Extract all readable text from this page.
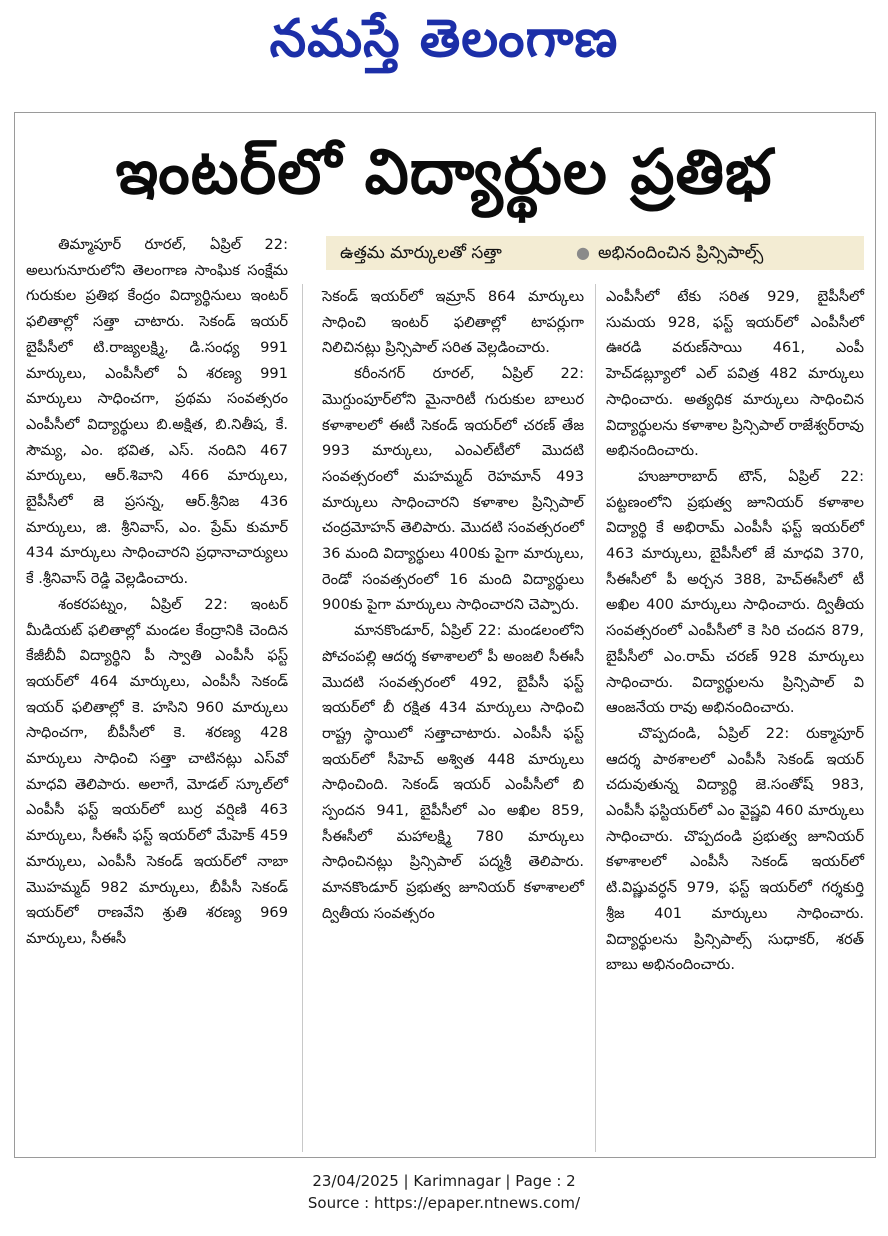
నమస్తే తెలంగాణ
ఇంటర్‌లో విద్యార్థుల ప్రతిభ
ఉత్తమ మార్కులతో సత్తా	● అభినందించిన ప్రిన్సిపాల్స్

తిమ్మాపూర్ రూరల్, ఏప్రిల్ 22: అలుగునూరులోని తెలంగాణ సాంఘిక సంక్షేమ గురుకుల ప్రతిభ కేంద్రం విద్యార్థినులు ఇంటర్ ఫలితాల్లో సత్తా చాటారు. సెకండ్ ఇయర్ బైపీసీలో టి.రాజ్యలక్ష్మి, డి.సంధ్య 991 మార్కులు, ఎంపీసీలో ఏ శరణ్య 991 మార్కులు సాధించగా, ప్రథమ సంవత్సరం ఎంపీసీలో విద్యార్థులు బి.అక్షిత, బి.నితీష, కే. సౌమ్య, ఎం. భవిత, ఎస్. నందిని 467 మార్కులు, ఆర్.శివాని 466 మార్కులు, బైపీసీలో జె ప్రసన్న, ఆర్.శ్రీనిజ 436 మార్కులు, జి. శ్రీనివాస్, ఎం. ప్రేమ్ కుమార్ 434 మార్కులు సాధించారని ప్రధానాచార్యులు కే .శ్రీనివాస్ రెడ్డి వెల్లడించారు.

శంకరపట్నం, ఏప్రిల్ 22: ఇంటర్ మీడియట్ ఫలితాల్లో మండల కేంద్రానికి చెందిన కేజీబీవీ విద్యార్థిని పీ స్వాతి ఎంపీసీ ఫస్ట్ ఇయర్‌లో 464 మార్కులు, ఎంపీసీ సెకండ్ ఇయర్ ఫలితాల్లో కె. హసిని 960 మార్కులు సాధించగా, బీపీసీలో కె. శరణ్య 428 మార్కులు సాధించి సత్తా చాటినట్లు ఎస్‌వో మాధవి తెలిపారు. అలాగే, మోడల్ స్కూల్‌లో ఎంపీసీ ఫస్ట్ ఇయర్‌లో బుర్ర వర్షిణి 463 మార్కులు, సీఈసీ ఫస్ట్ ఇయర్‌లో మేహెక్ 459 మార్కులు, ఎంపీసీ సెకండ్ ఇయర్‌లో నాబా మొహమ్మద్ 982 మార్కులు, బీపీసీ సెకండ్ ఇయర్‌లో రాణవేని శ్రుతి శరణ్య 969 మార్కులు, సీఈసీ

సెకండ్ ఇయర్‌లో ఇమ్రాన్ 864 మార్కులు సాధించి ఇంటర్ ఫలితాల్లో టాపర్లుగా నిలిచినట్లు ప్రిన్సిపాల్ సరిత వెల్లడించారు.

కరీంనగర్ రూరల్, ఏప్రిల్ 22: మొగ్దుంపూర్‌లోని మైనారిటీ గురుకుల బాలుర కళాశాలలో ఈటీ సెకండ్ ఇయర్‌లో చరణ్ తేజ 993 మార్కులు, ఎంఎల్‌టీలో మొదటి సంవత్సరంలో మహమ్మద్ రెహమాన్ 493 మార్కులు సాధించారని కళాశాల ప్రిన్సిపాల్ చంద్రమోహన్ తెలిపారు. మొదటి సంవత్సరంలో 36 మంది విద్యార్థులు 400కు పైగా మార్కులు, రెండో సంవత్సరంలో 16 మంది విద్యార్థులు 900కు పైగా మార్కులు సాధించారని చెప్పారు.

మానకొండూర్, ఏప్రిల్ 22: మండలంలోని పోచంపల్లి ఆదర్శ కళాశాలలో పీ అంజలి సీఈసీ మొదటి సంవత్సరంలో 492, బైపీసీ ఫస్ట్ ఇయర్‌లో బీ రక్షిత 434 మార్కులు సాధించి రాష్ట్ర స్థాయిలో సత్తాచాటారు. ఎంపీసీ ఫస్ట్ ఇయర్‌లో సీహెచ్ అశ్విత 448 మార్కులు సాధించింది. సెకండ్ ఇయర్ ఎంపీసీలో బి స్పందన 941, బైపీసీలో ఎం అఖిల 859, సీఈసీలో మహాలక్ష్మి 780 మార్కులు సాధించినట్లు ప్రిన్సిపాల్ పద్మశ్రీ తెలిపారు. మానకొండూర్ ప్రభుత్వ జూనియర్ కళాశాలలో ద్వితీయ సంవత్సరం

ఎంపీసీలో టేకు సరిత 929, బైపీసీలో సుమయ 928, ఫస్ట్ ఇయర్‌లో ఎంపీసీలో ఊరడి వరుణ్‌సాయి 461, ఎంపీ హెచ్‌డబ్ల్యూలో ఎల్ పవిత్ర 482 మార్కులు సాధించారు. అత్యధిక మార్కులు సాధించిన విద్యార్థులను కళాశాల ప్రిన్సిపాల్ రాజేశ్వర్‌రావు అభినందించారు.

హుజూరాబాద్ టౌన్, ఏప్రిల్ 22: పట్టణంలోని ప్రభుత్వ జూనియర్ కళాశాల విద్యార్థి కే అభిరామ్ ఎంపీసీ ఫస్ట్ ఇయర్‌లో 463 మార్కులు, బైపీసీలో జే మాధవి 370, సీఈసీలో పీ అర్చన 388, హెచ్‌ఈసీలో టీ అఖిల 400 మార్కులు సాధించారు. ద్వితీయ సంవత్సరంలో ఎంపీసీలో కె సిరి చందన 879, బైపీసీలో ఎం.రామ్ చరణ్ 928 మార్కులు సాధించారు. విద్యార్థులను ప్రిన్సిపాల్ వి ఆంజనేయ రావు అభినందించారు.

చొప్పదండి, ఏప్రిల్ 22: రుక్మాపూర్ ఆదర్శ పాఠశాలలో ఎంపీసీ సెకండ్ ఇయర్ చదువుతున్న విద్యార్థి జె.సంతోష్ 983, ఎంపీసీ ఫస్టియర్‌లో ఎం వైష్ణవి 460 మార్కులు సాధించారు. చొప్పదండి ప్రభుత్వ జూనియర్ కళాశాలలో ఎంపీసీ సెకండ్ ఇయర్‌లో టి.విష్ణువర్ధన్ 979, ఫస్ట్ ఇయర్‌లో గర్శకుర్తి శ్రీజ 401 మార్కులు సాధించారు. విద్యార్థులను ప్రిన్సిపాల్స్ సుధాకర్, శరత్ బాబు అభినందించారు.

23/04/2025 | Karimnagar | Page : 2
Source : https://epaper.ntnews.com/
